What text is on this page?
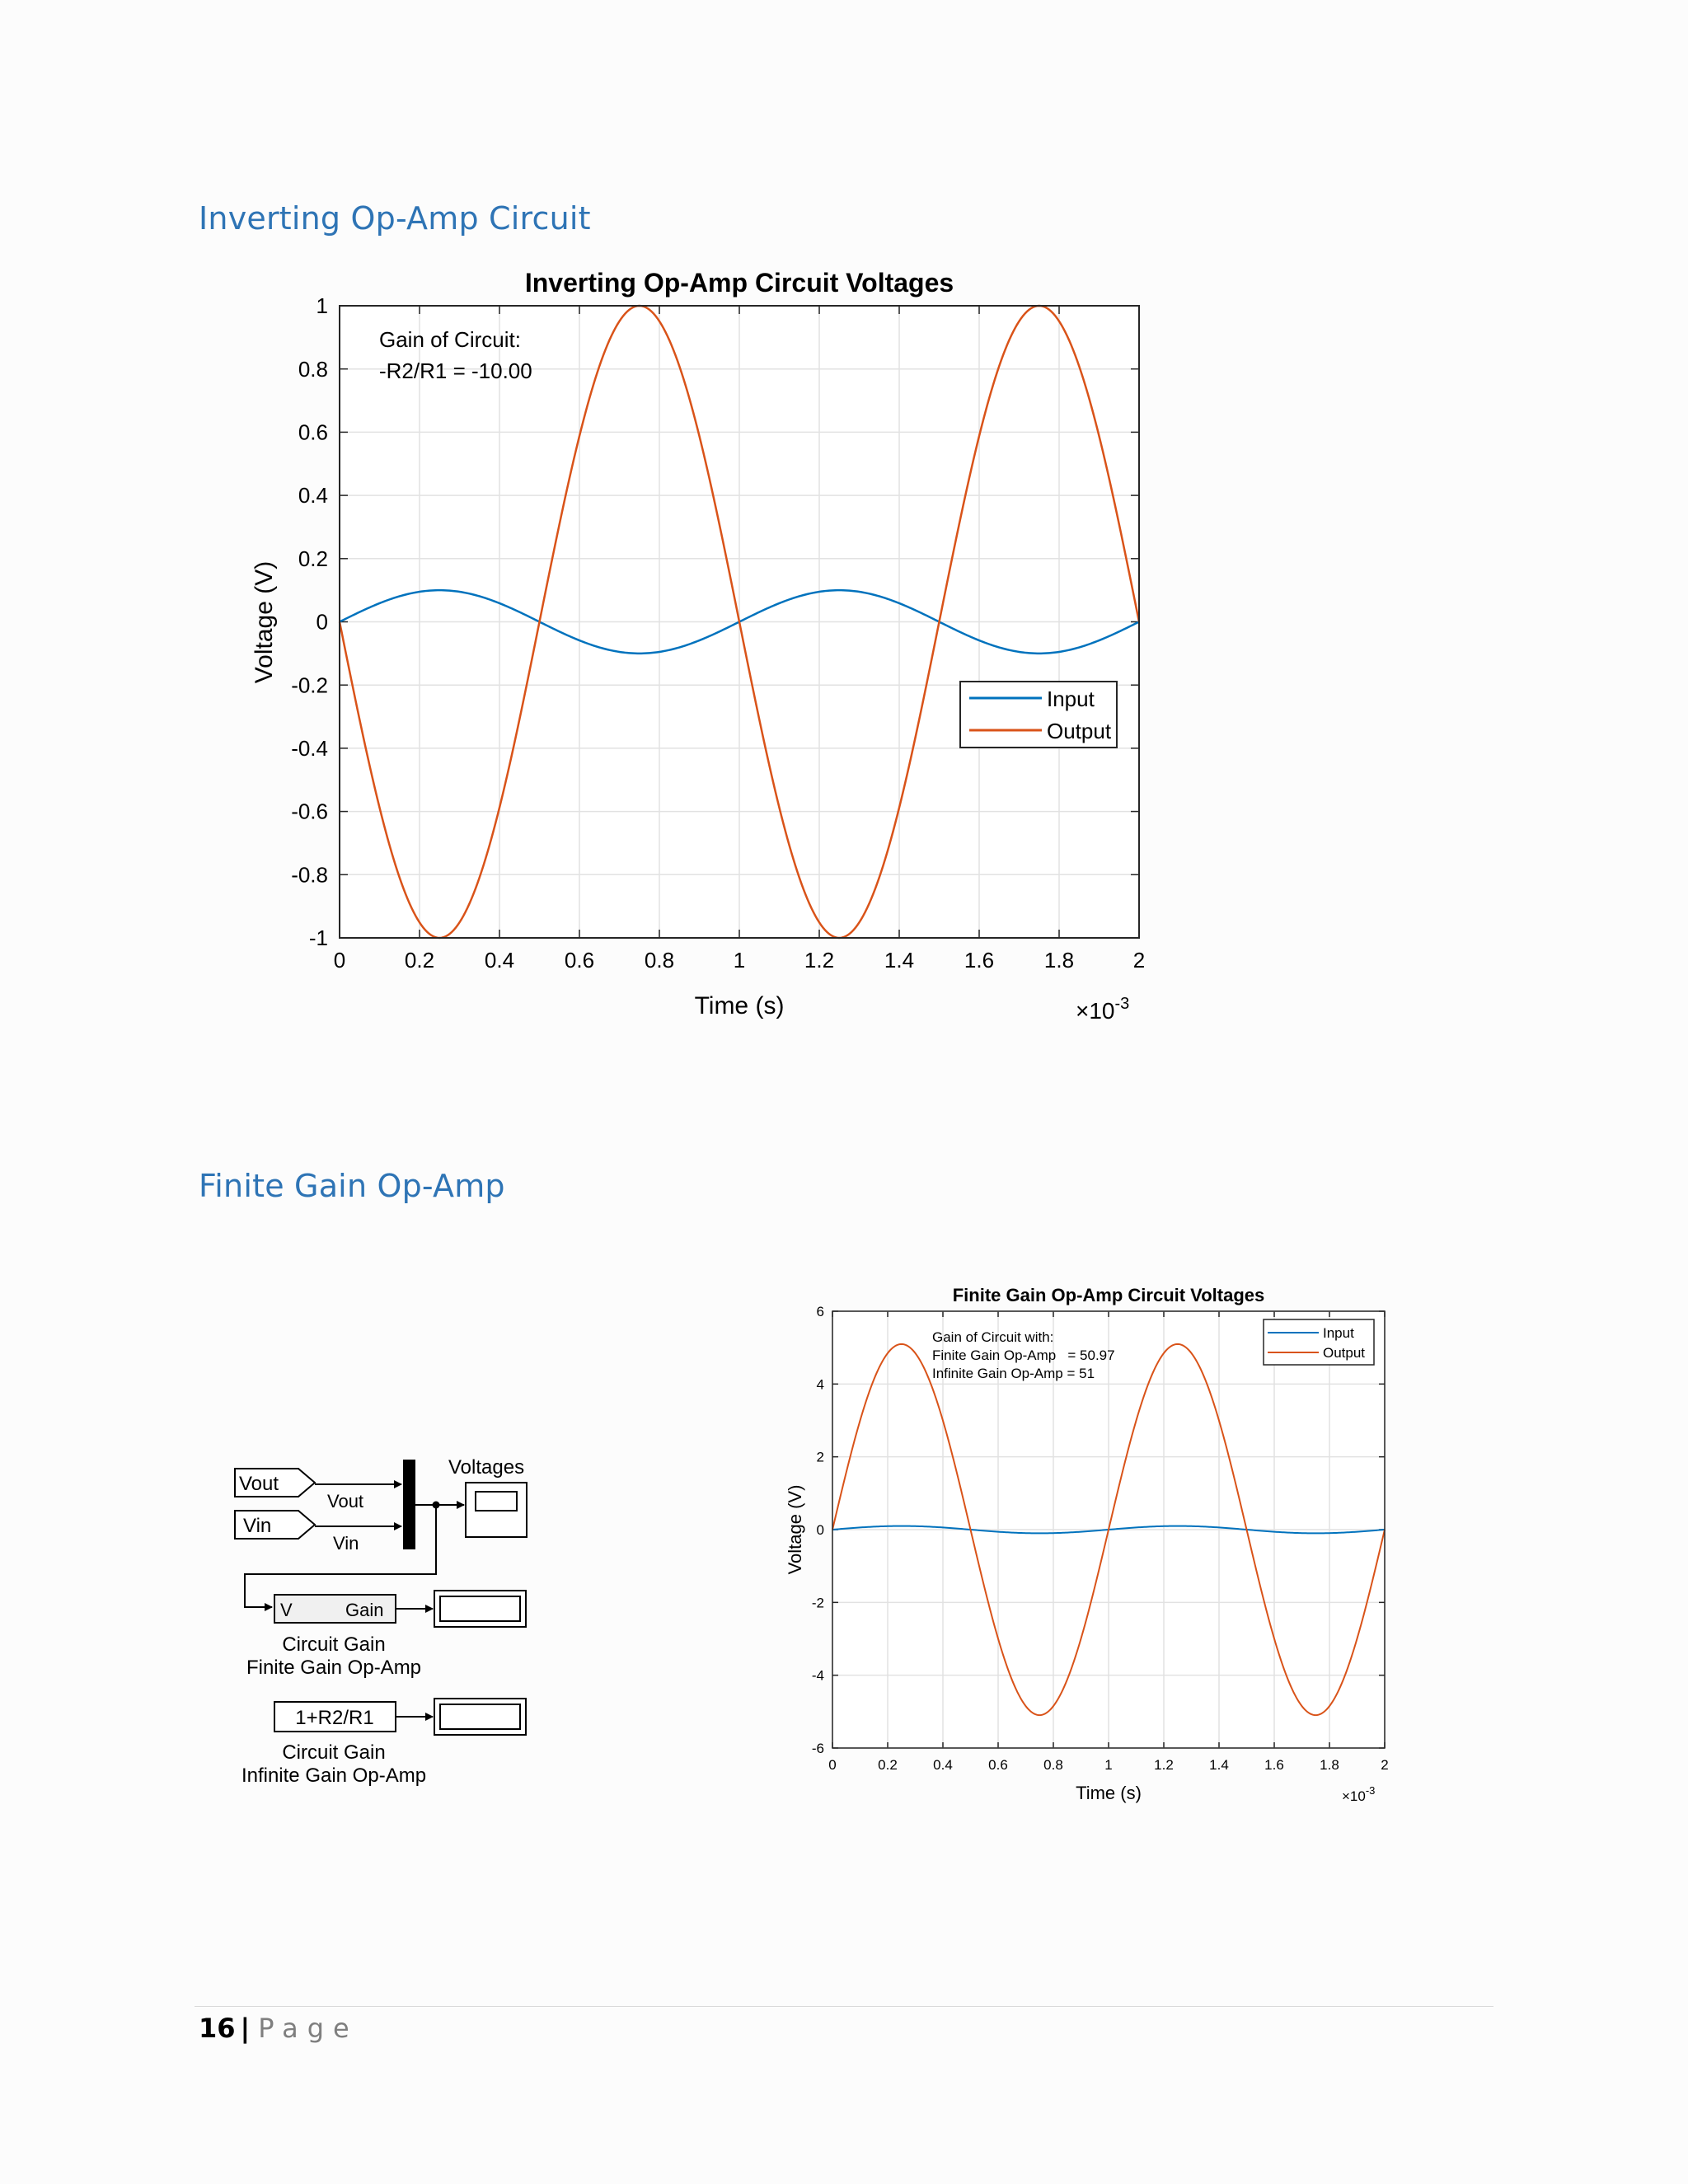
Inverting Op-Amp Circuit
Inverting Op-Amp Circuit Voltages
0	0.2 0.4 0.6 0.8	1	1.2 1.4 1.6 1.8	2
-1
-0.8
-0.6
-0.4
-0.2
0
0.2
0.4
0.6
0.8
1
Gain of Circuit:
-R2/R1 = -10.00
Input
Output
Time (s)
Voltage (V)
$\times 10^{-3}$
Finite Gain Op-Amp
Vout
Vin
Vout
Vin
Voltages
V	Gain
Circuit Gain
Finite Gain Op-Amp
1+R2/R1
Circuit Gain
Infinite Gain Op-Amp
Finite Gain Op-Amp Circuit Voltages
0	0.2	0.4	0.6	0.8	1	1.2	1.4	1.6	1.8	2
-6
-4
-2
0
2
4
6
Gain of Circuit with:
Finite Gain Op-Amp   = 50.97
Infinite Gain Op-Amp = 51
Input
Output
Time (s)
Voltage (V)
$\times 10^{-3}$
16 | Page
